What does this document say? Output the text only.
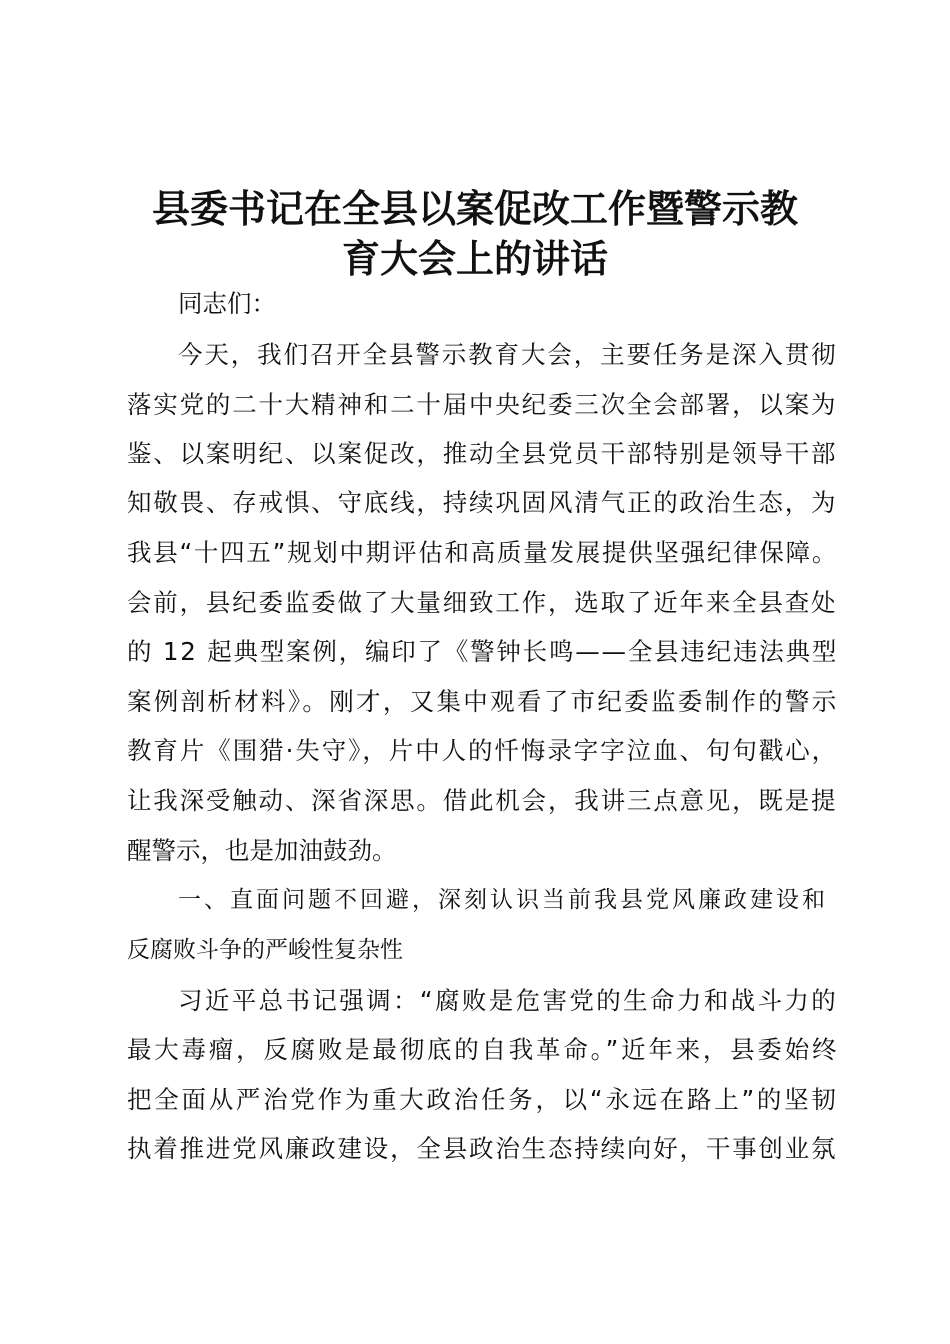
县委书记在全县以案促改工作暨警示教
育大会上的讲话
同志们：
今天，我们召开全县警示教育大会，主要任务是深入贯彻
落实党的二十大精神和二十届中央纪委三次全会部署，以案为
鉴、以案明纪、以案促改，推动全县党员干部特别是领导干部
知敬畏、存戒惧、守底线，持续巩固风清气正的政治生态，为
我县“十四五”规划中期评估和高质量发展提供坚强纪律保障。
会前，县纪委监委做了大量细致工作，选取了近年来全县查处
的 12 起典型案例，编印了《警钟长鸣——全县违纪违法典型
案例剖析材料》。刚才，又集中观看了市纪委监委制作的警示
教育片《围猎·失守》，片中人的忏悔录字字泣血、句句戳心，
让我深受触动、深省深思。借此机会，我讲三点意见，既是提
醒警示，也是加油鼓劲。
一、直面问题不回避，深刻认识当前我县党风廉政建设和
反腐败斗争的严峻性复杂性
习近平总书记强调：“腐败是危害党的生命力和战斗力的
最大毒瘤，反腐败是最彻底的自我革命。”近年来，县委始终
把全面从严治党作为重大政治任务，以“永远在路上”的坚韧
执着推进党风廉政建设，全县政治生态持续向好，干事创业氛
